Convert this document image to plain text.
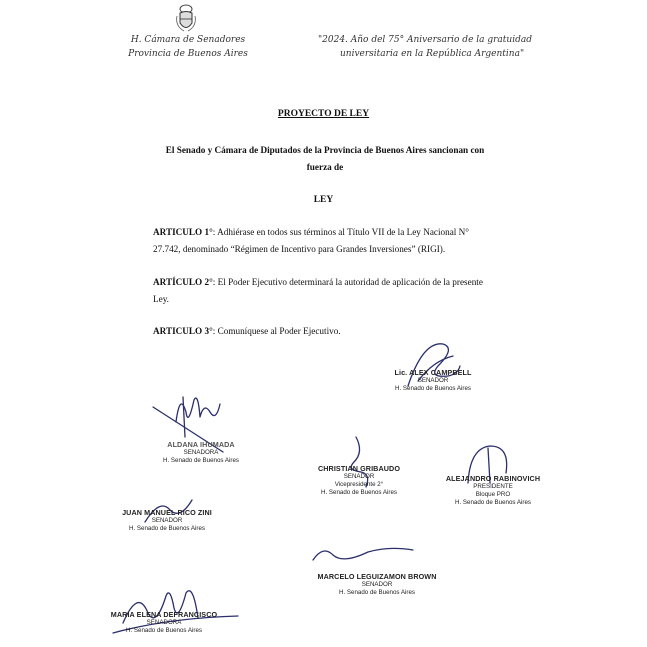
H. Cámara de Senadores
Provincia de Buenos Aires
"2024. Año del 75° Aniversario de la gratuidad
universitaria en la República Argentina"
PROYECTO DE LEY
El Senado y Cámara de Diputados de la Provincia de Buenos Aires sancionan con
fuerza de
LEY
ARTICULO 1°: Adhiérase en todos sus términos al Título VII de la Ley Nacional N°
27.742, denominado “Régimen de Incentivo para Grandes Inversiones” (RIGI).
ARTÍCULO 2°: El Poder Ejecutivo determinará la autoridad de aplicación de la presente
Ley.
ARTICULO 3°: Comuníquese al Poder Ejecutivo.
Lic. ALEX CAMPBELL
SENADOR
H. Senado de Buenos Aires
ALDANA IHUMADA
SENADORA
H. Senado de Buenos Aires
CHRISTIAN GRIBAUDO
SENADOR
Vicepresidente 2°
H. Senado de Buenos Aires
ALEJANDRO RABINOVICH
PRESIDENTE
Bloque PRO
H. Senado de Buenos Aires
JUAN MANUEL RICO ZINI
SENADOR
H. Senado de Buenos Aires
MARCELO LEGUIZAMON BROWN
SENADOR
H. Senado de Buenos Aires
MARIA ELENA DEFRANCISCO
SENADORA
H. Senado de Buenos Aires
